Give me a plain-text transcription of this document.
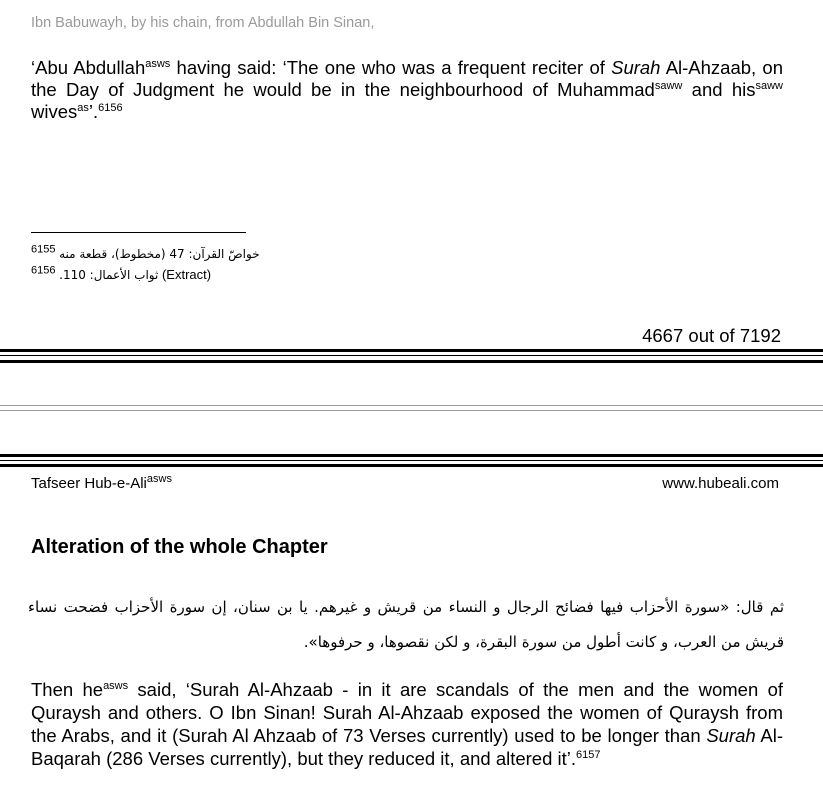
Ibn Babuwayh, by his chain, from Abdullah Bin Sinan,
‘Abu Abdullah$^{asws}$ having said: ‘The one who was a frequent reciter of Surah Al-Ahzaab, on the Day of Judgment he would be in the neighbourhood of Muhammad$^{saww}$ and his$^{saww}$ wives$^{as}$’.$^{6156}$
$^{6155}$ خواصّ القرآن: 47 (مخطوط)، قطعة منه
$^{6156}$ ثواب الأعمال: 110. (Extract)
4667 out of 7192
Tafseer Hub-e-Ali$^{asws}$	www.hubeali.com
Alteration of the whole Chapter
ثم قال: «سورة الأحزاب فيها فضائح الرجال و النساء من قريش و غيرهم. يا بن سنان، إن سورة الأحزاب فضحت نساء قريش من العرب، و كانت أطول من سورة البقرة، و لكن نقصوها، و حرفوها».
Then $he^{asws}$ said, ‘Surah Al-Ahzaab - in it are scandals of the men and the women of Quraysh and others. O Ibn Sinan! Surah Al-Ahzaab exposed the women of Quraysh from the Arabs, and it (Surah Al Ahzaab of 73 Verses currently) used to be longer than Surah Al-Baqarah (286 Verses currently), but they reduced it, and altered it’.$^{6157}$
